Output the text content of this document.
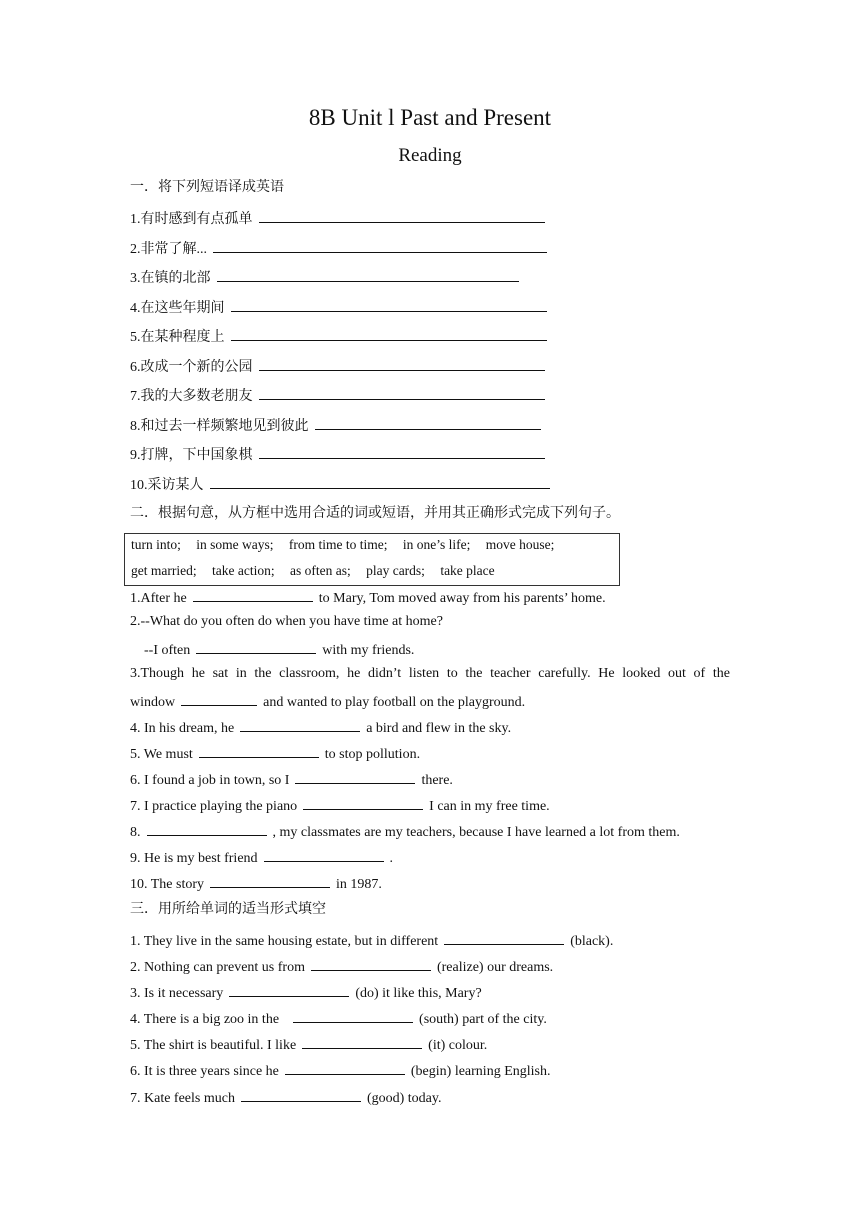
8B Unit l Past and Present
Reading
一．将下列短语译成英语
1.有时感到有点孤单
2.非常了解...
3.在镇的北部
4.在这些年期间
5.在某种程度上
6.改成一个新的公园
7.我的大多数老朋友
8.和过去一样频繁地见到彼此
9.打牌，下中国象棋
10.采访某人
二．根据句意，从方框中选用合适的词或短语，并用其正确形式完成下列句子。
turn into; in some ways; from time to time; in one’s life; move house;
get married; take action; as often as; play cards; take place
1.After he	to Mary, Tom moved away from his parents’ home.
2.--What do you often do when you have time at home?
--I often	with my friends.
3.Though he sat in the classroom, he didn’t listen to the teacher carefully. He looked out of the
window	and wanted to play football on the playground.
4. In his dream, he	a bird and flew in the sky.
5. We must	to stop pollution.
6. I found a job in town, so I	there.
7. I practice playing the piano	I can in my free time.
8.	, my classmates are my teachers, because I have learned a lot from them.
9. He is my best friend	.
10. The story	in 1987.
三．用所给单词的适当形式填空
1. They live in the same housing estate, but in different	(black).
2. Nothing can prevent us from	(realize) our dreams.
3. Is it necessary	(do) it like this, Mary?
4. There is a big zoo in the	(south) part of the city.
5. The shirt is beautiful. I like	(it) colour.
6. It is three years since he	(begin) learning English.
7. Kate feels much	(good) today.
